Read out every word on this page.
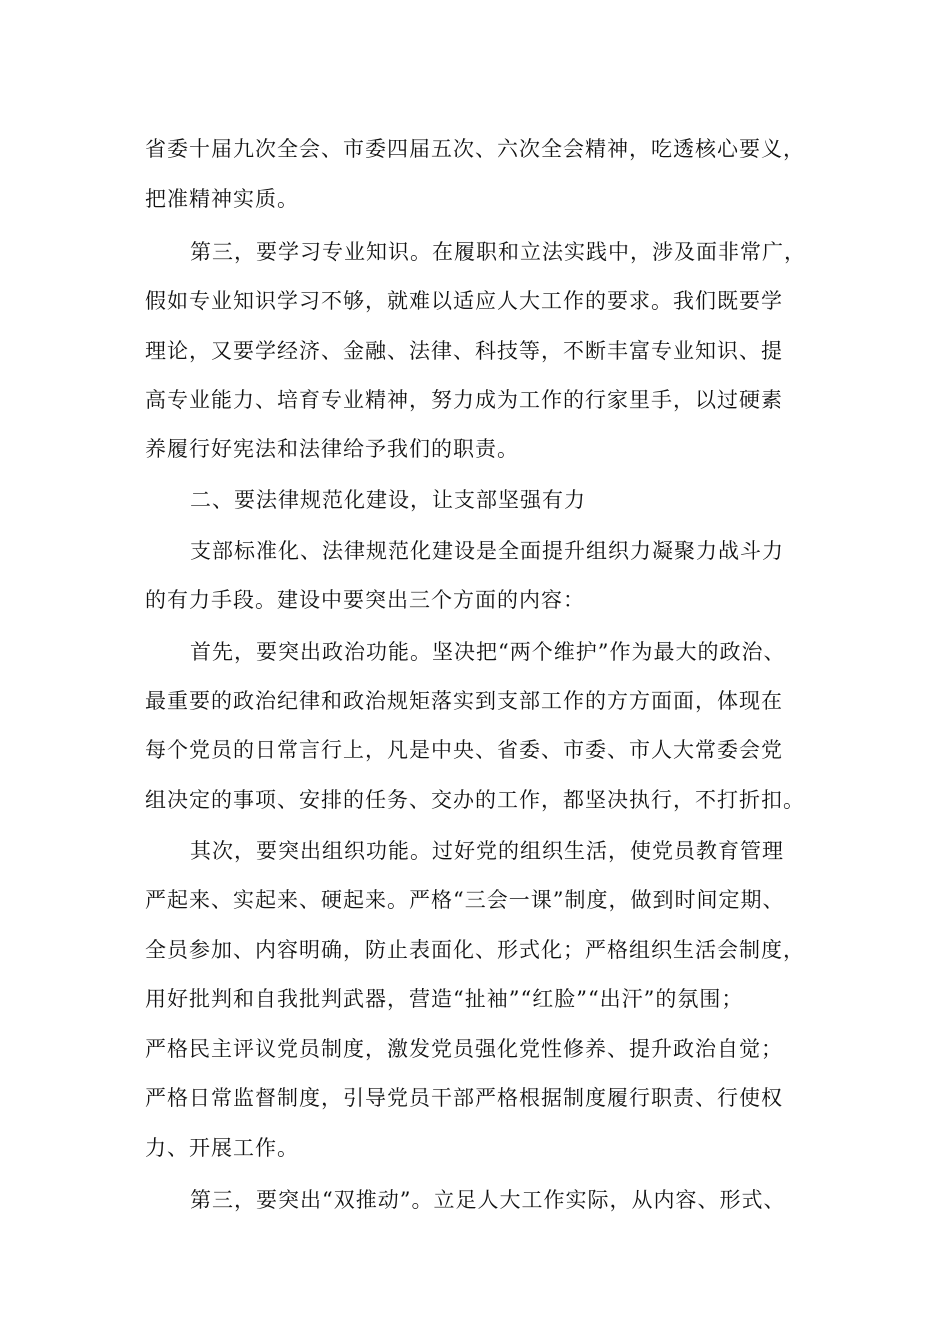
省委十届九次全会、市委四届五次、六次全会精神，吃透核心要义，
把准精神实质。
第三，要学习专业知识。在履职和立法实践中，涉及面非常广，
假如专业知识学习不够，就难以适应人大工作的要求。我们既要学
理论，又要学经济、金融、法律、科技等，不断丰富专业知识、提
高专业能力、培育专业精神，努力成为工作的行家里手，以过硬素
养履行好宪法和法律给予我们的职责。
二、要法律规范化建设，让支部坚强有力
支部标准化、法律规范化建设是全面提升组织力凝聚力战斗力
的有力手段。建设中要突出三个方面的内容：
首先，要突出政治功能。坚决把“两个维护”作为最大的政治、
最重要的政治纪律和政治规矩落实到支部工作的方方面面，体现在
每个党员的日常言行上，凡是中央、省委、市委、市人大常委会党
组决定的事项、安排的任务、交办的工作，都坚决执行，不打折扣。
其次，要突出组织功能。过好党的组织生活，使党员教育管理
严起来、实起来、硬起来。严格“三会一课”制度，做到时间定期、
全员参加、内容明确，防止表面化、形式化；严格组织生活会制度，
用好批判和自我批判武器，营造“扯袖”“红脸”“出汗”的氛围；
严格民主评议党员制度，激发党员强化党性修养、提升政治自觉；
严格日常监督制度，引导党员干部严格根据制度履行职责、行使权
力、开展工作。
第三，要突出“双推动”。立足人大工作实际，从内容、形式、
